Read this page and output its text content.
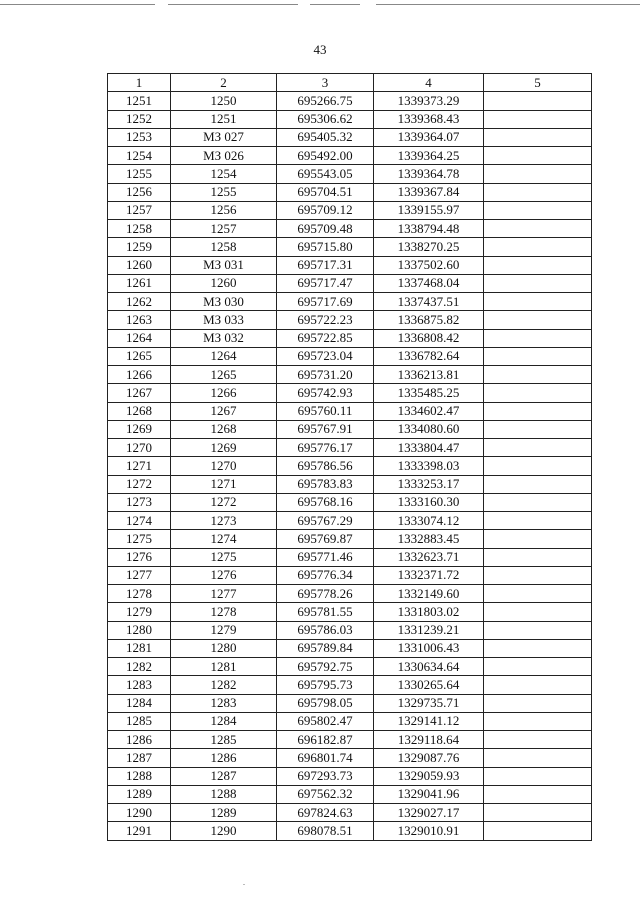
43
1	2	3	4	5
1251	1250	695266.75	1339373.29	
1252	1251	695306.62	1339368.43	
1253	МЗ 027	695405.32	1339364.07	
1254	МЗ 026	695492.00	1339364.25	
1255	1254	695543.05	1339364.78	
1256	1255	695704.51	1339367.84	
1257	1256	695709.12	1339155.97	
1258	1257	695709.48	1338794.48	
1259	1258	695715.80	1338270.25	
1260	МЗ 031	695717.31	1337502.60	
1261	1260	695717.47	1337468.04	
1262	МЗ 030	695717.69	1337437.51	
1263	МЗ 033	695722.23	1336875.82	
1264	МЗ 032	695722.85	1336808.42	
1265	1264	695723.04	1336782.64	
1266	1265	695731.20	1336213.81	
1267	1266	695742.93	1335485.25	
1268	1267	695760.11	1334602.47	
1269	1268	695767.91	1334080.60	
1270	1269	695776.17	1333804.47	
1271	1270	695786.56	1333398.03	
1272	1271	695783.83	1333253.17	
1273	1272	695768.16	1333160.30	
1274	1273	695767.29	1333074.12	
1275	1274	695769.87	1332883.45	
1276	1275	695771.46	1332623.71	
1277	1276	695776.34	1332371.72	
1278	1277	695778.26	1332149.60	
1279	1278	695781.55	1331803.02	
1280	1279	695786.03	1331239.21	
1281	1280	695789.84	1331006.43	
1282	1281	695792.75	1330634.64	
1283	1282	695795.73	1330265.64	
1284	1283	695798.05	1329735.71	
1285	1284	695802.47	1329141.12	
1286	1285	696182.87	1329118.64	
1287	1286	696801.74	1329087.76	
1288	1287	697293.73	1329059.93	
1289	1288	697562.32	1329041.96	
1290	1289	697824.63	1329027.17	
1291	1290	698078.51	1329010.91	
